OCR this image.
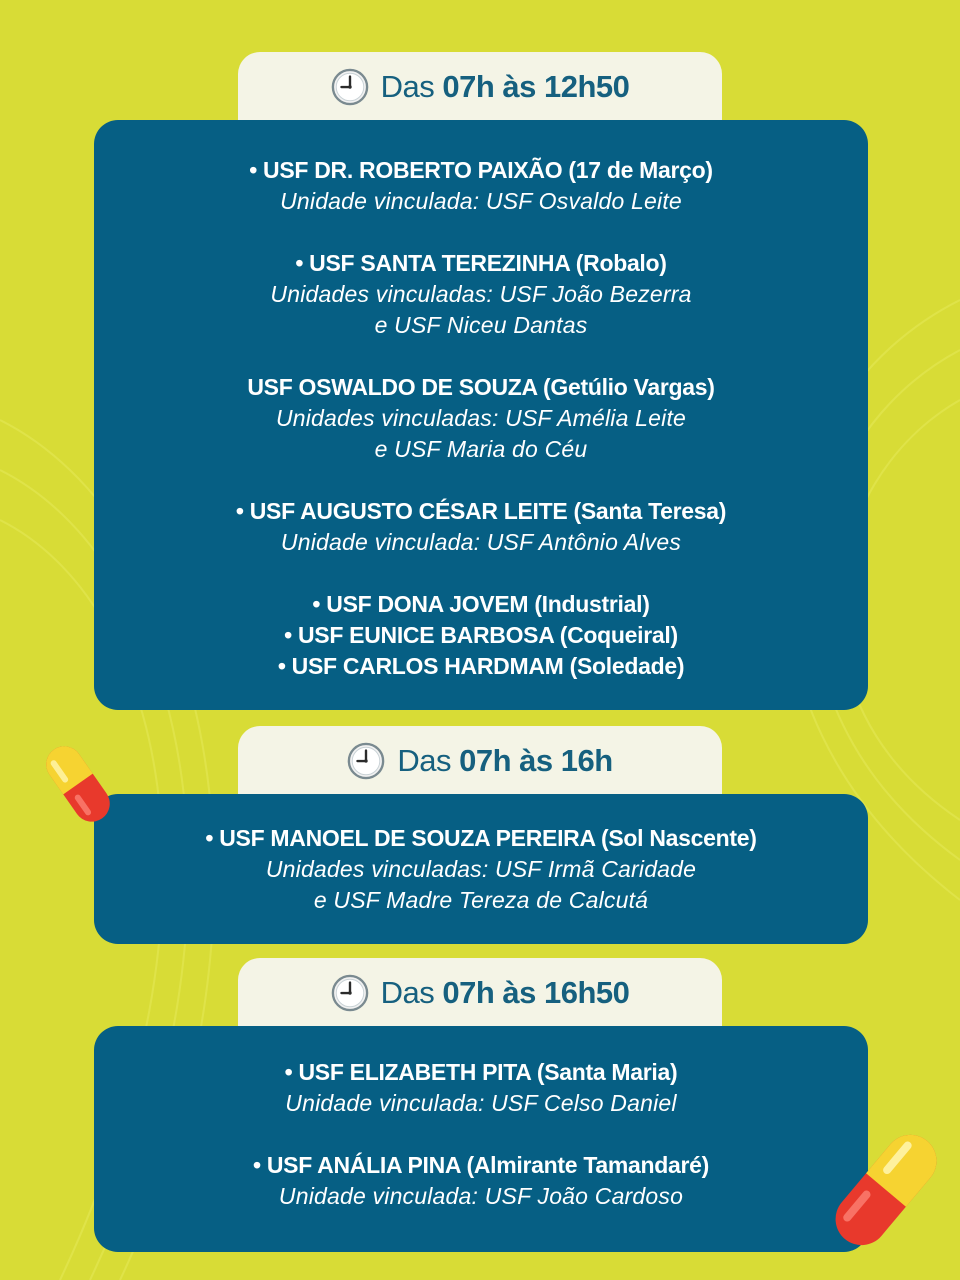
Das 07h às 12h50
• USF DR. ROBERTO PAIXÃO (17 de Março)
Unidade vinculada: USF Osvaldo Leite
• USF SANTA TEREZINHA (Robalo)
Unidades vinculadas: USF João Bezerra
e USF Niceu Dantas
USF OSWALDO DE SOUZA (Getúlio Vargas)
Unidades vinculadas: USF Amélia Leite
e USF Maria do Céu
• USF AUGUSTO CÉSAR LEITE (Santa Teresa)
Unidade vinculada: USF Antônio Alves
• USF DONA JOVEM (Industrial)
• USF EUNICE BARBOSA (Coqueiral)
• USF CARLOS HARDMAM (Soledade)
Das 07h às 16h
• USF MANOEL DE SOUZA PEREIRA (Sol Nascente)
Unidades vinculadas: USF Irmã Caridade
e USF Madre Tereza de Calcutá
Das 07h às 16h50
• USF ELIZABETH PITA (Santa Maria)
Unidade vinculada: USF Celso Daniel
• USF ANÁLIA PINA (Almirante Tamandaré)
Unidade vinculada: USF João Cardoso
